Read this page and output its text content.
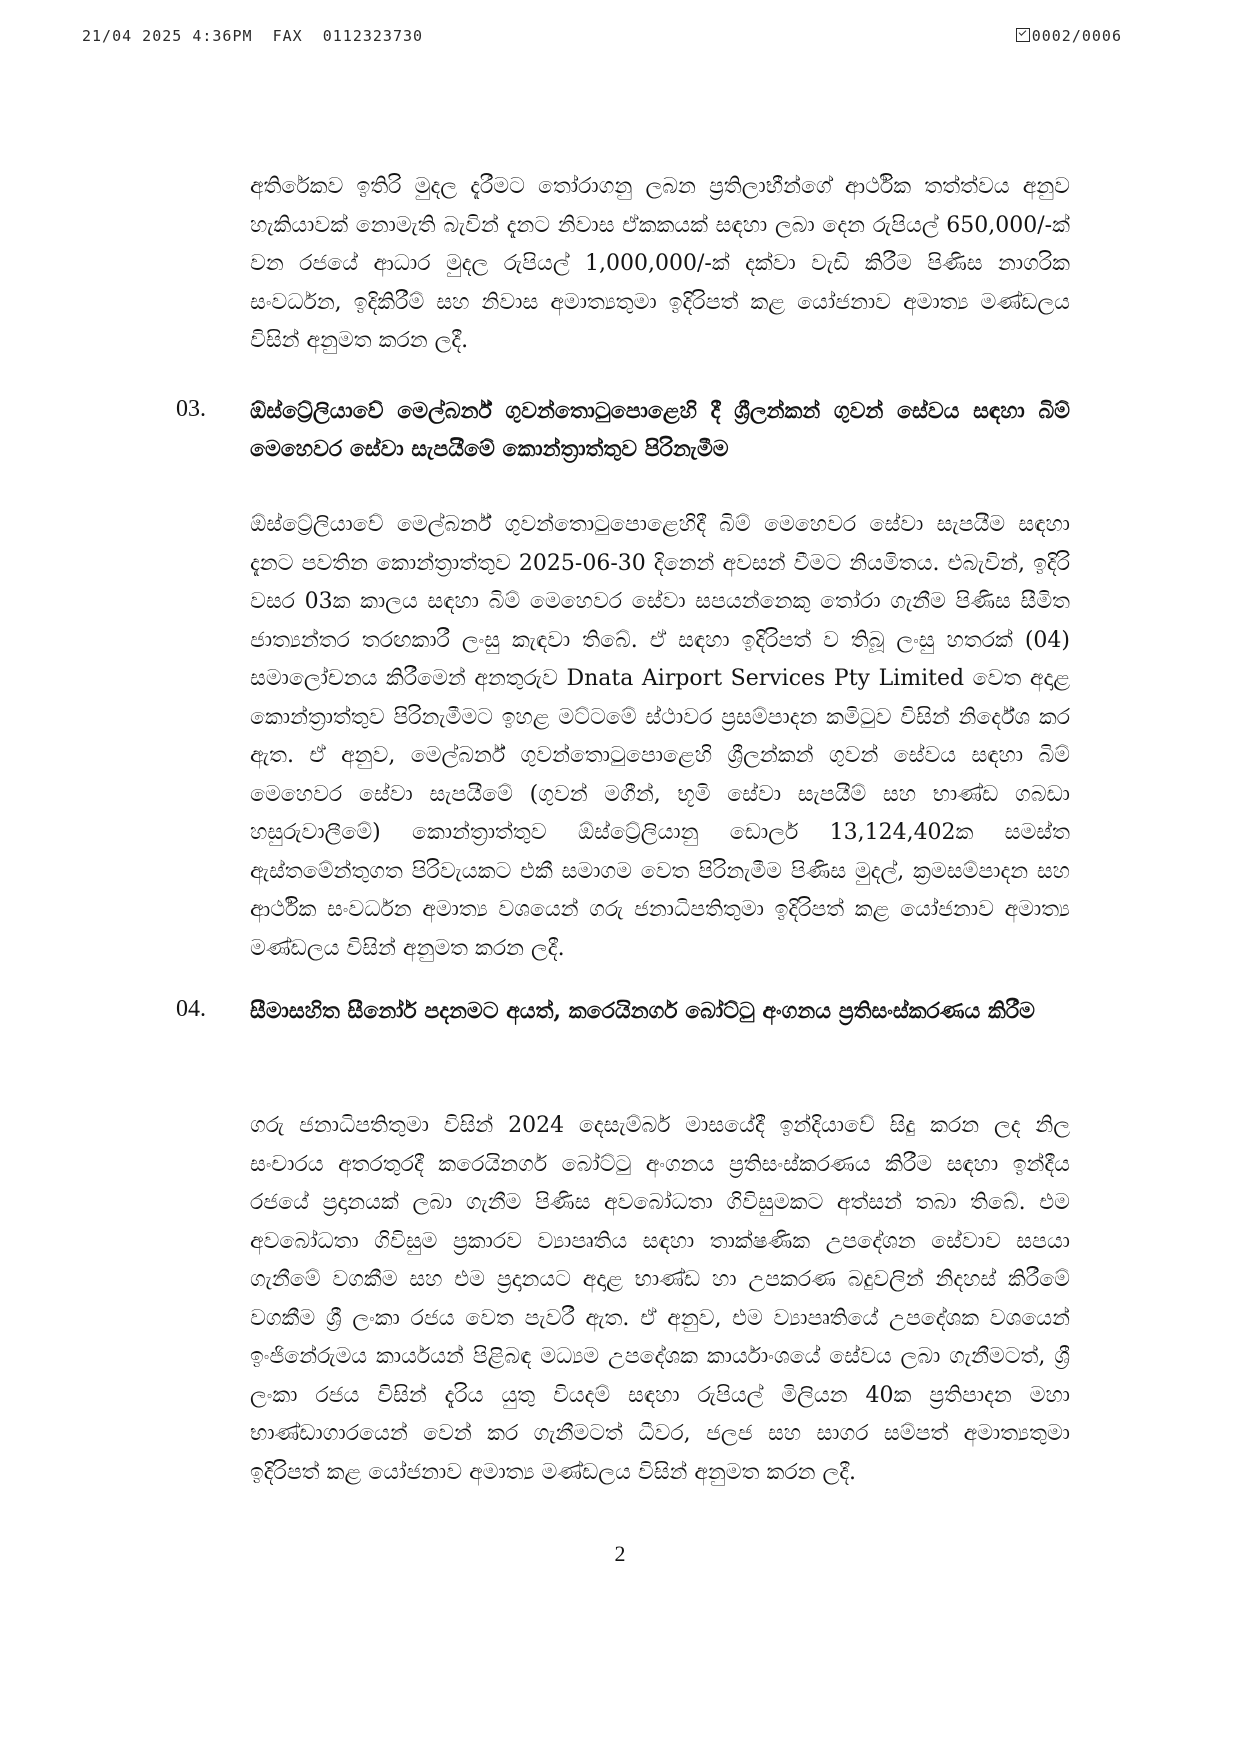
21/04 2025 4:36PM  FAX  0112323730	0002/0006

අතිරේකව ඉතිරි මුදල දැරීමට තෝරාගනු ලබන ප්‍රතිලාභීන්ගේ ආර්ථික තත්ත්වය අනුව හැකියාවක් නොමැති බැවින් දැනට නිවාස ඒකකයක් සඳහා ලබා දෙන රුපියල් 650,000/-ක් වන රජයේ ආධාර මුදල රුපියල් 1,000,000/-ක් දක්වා වැඩි කිරීම පිණිස නාගරික සංවර්ධන, ඉදිකිරීම් සහ නිවාස අමාත්‍යතුමා ඉදිරිපත් කළ යෝජනාව අමාත්‍ය මණ්ඩලය විසින් අනුමත කරන ලදී.

03. ඕස්ට්‍රේලියාවේ මෙල්බර්න් ගුවන්තොටුපොළෙහි දී ශ්‍රීලන්කන් ගුවන් සේවය සඳහා බිම් මෙහෙවර සේවා සැපයීමේ කොන්ත්‍රාත්තුව පිරිනැමීම

ඕස්ට්‍රේලියාවේ මෙල්බර්න් ගුවන්තොටුපොළෙහිදී බිම් මෙහෙවර සේවා සැපයීම සඳහා දැනට පවතින කොන්ත්‍රාත්තුව 2025-06-30 දිනෙන් අවසන් වීමට නියමිතය. එබැවින්, ඉදිරි වසර 03ක කාලය සඳහා බිම් මෙහෙවර සේවා සපයන්නෙකු තෝරා ගැනීම පිණිස සීමිත ජාත්‍යන්තර තරඟකාරී ලංසු කැඳවා තිබේ. ඒ සඳහා ඉදිරිපත් ව තිබූ ලංසු හතරක් (04) සමාලෝචනය කිරීමෙන් අනතුරුව Dnata Airport Services Pty Limited වෙත අදාළ කොන්ත්‍රාත්තුව පිරිනැමීමට ඉහළ මට්ටමේ ස්ථාවර ප්‍රසම්පාදන කමිටුව විසින් නිර්දේශ කර ඇත. ඒ අනුව, මෙල්බර්න් ගුවන්තොටුපොළෙහි ශ්‍රීලන්කන් ගුවන් සේවය සඳහා බිම් මෙහෙවර සේවා සැපයීමේ (ගුවන් මගීන්, භූමි සේවා සැපයීම් සහ භාණ්ඩ ගබඩා හසුරුවාලීමේ) කොන්ත්‍රාත්තුව ඕස්ට්‍රේලියානු ඩොලර් 13,124,402ක සමස්ත ඇස්තමේන්තුගත පිරිවැයකට එකී සමාගම වෙත පිරිනැමීම පිණිස මුදල්, ක්‍රමසම්පාදන සහ ආර්ථික සංවර්ධන අමාත්‍ය වශයෙන් ගරු ජනාධිපතිතුමා ඉදිරිපත් කළ යෝජනාව අමාත්‍ය මණ්ඩලය විසින් අනුමත කරන ලදී.

04. සීමාසහිත සීනෝර් පදනමට අයත්, කරෙයිනගර් බෝට්ටු අංගනය ප්‍රතිසංස්කරණය කිරීම

ගරු ජනාධිපතිතුමා විසින් 2024 දෙසැම්බර් මාසයේදී ඉන්දියාවේ සිදු කරන ලද නිල සංචාරය අතරතුරදී කරෙයිනගර් බෝට්ටු අංගනය ප්‍රතිසංස්කරණය කිරීම සඳහා ඉන්දීය රජයේ ප්‍රදානයක් ලබා ගැනීම පිණිස අවබෝධතා ගිවිසුමකට අත්සන් තබා තිබේ. එම අවබෝධතා ගිවිසුම ප්‍රකාරව ව්‍යාපෘතිය සඳහා තාක්ෂණික උපදේශන සේවාව සපයා ගැනීමේ වගකීම සහ එම ප්‍රදානයට අදාළ භාණ්ඩ හා උපකරණ බදුවලින් නිදහස් කිරීමේ වගකීම ශ්‍රී ලංකා රජය වෙත පැවරී ඇත. ඒ අනුව, එම ව්‍යාපෘතියේ උපදේශක වශයෙන් ඉංජිනේරුමය කාර්යයන් පිළිබඳ මධ්‍යම උපදේශක කාර්යාංශයේ සේවය ලබා ගැනීමටත්, ශ්‍රී ලංකා රජය විසින් දැරිය යුතු වියදම් සඳහා රුපියල් මිලියන 40ක ප්‍රතිපාදන මහා භාණ්ඩාගාරයෙන් වෙන් කර ගැනීමටත් ධීවර, ජලජ සහ සාගර සම්පත් අමාත්‍යතුමා ඉදිරිපත් කළ යෝජනාව අමාත්‍ය මණ්ඩලය විසින් අනුමත කරන ලදී.

2
